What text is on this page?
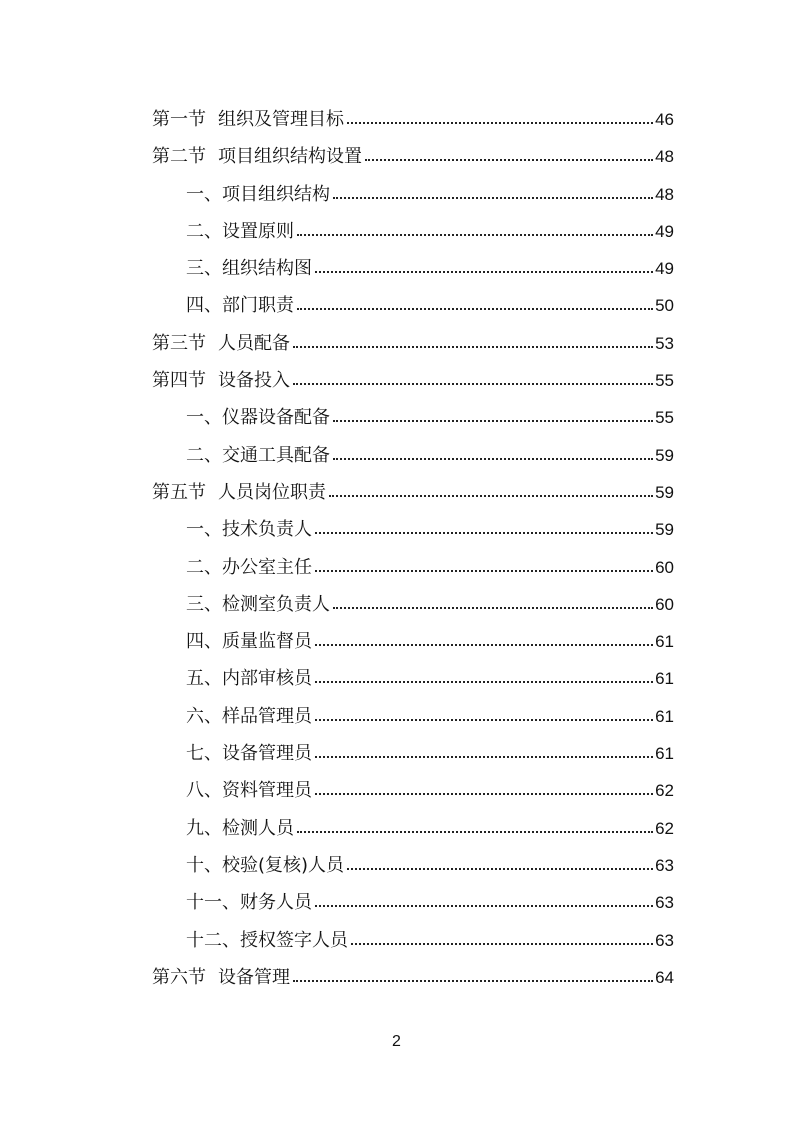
第一节 组织及管理目标	46
第二节 项目组织结构设置	48
一、项目组织结构	48
二、设置原则	49
三、组织结构图	49
四、部门职责	50
第三节 人员配备	53
第四节 设备投入	55
一、仪器设备配备	55
二、交通工具配备	59
第五节 人员岗位职责	59
一、技术负责人	59
二、办公室主任	60
三、检测室负责人	60
四、质量监督员	61
五、内部审核员	61
六、样品管理员	61
七、设备管理员	61
八、资料管理员	62
九、检测人员	62
十、校验(复核)人员	63
十一、财务人员	63
十二、授权签字人员	63
第六节 设备管理	64
2
